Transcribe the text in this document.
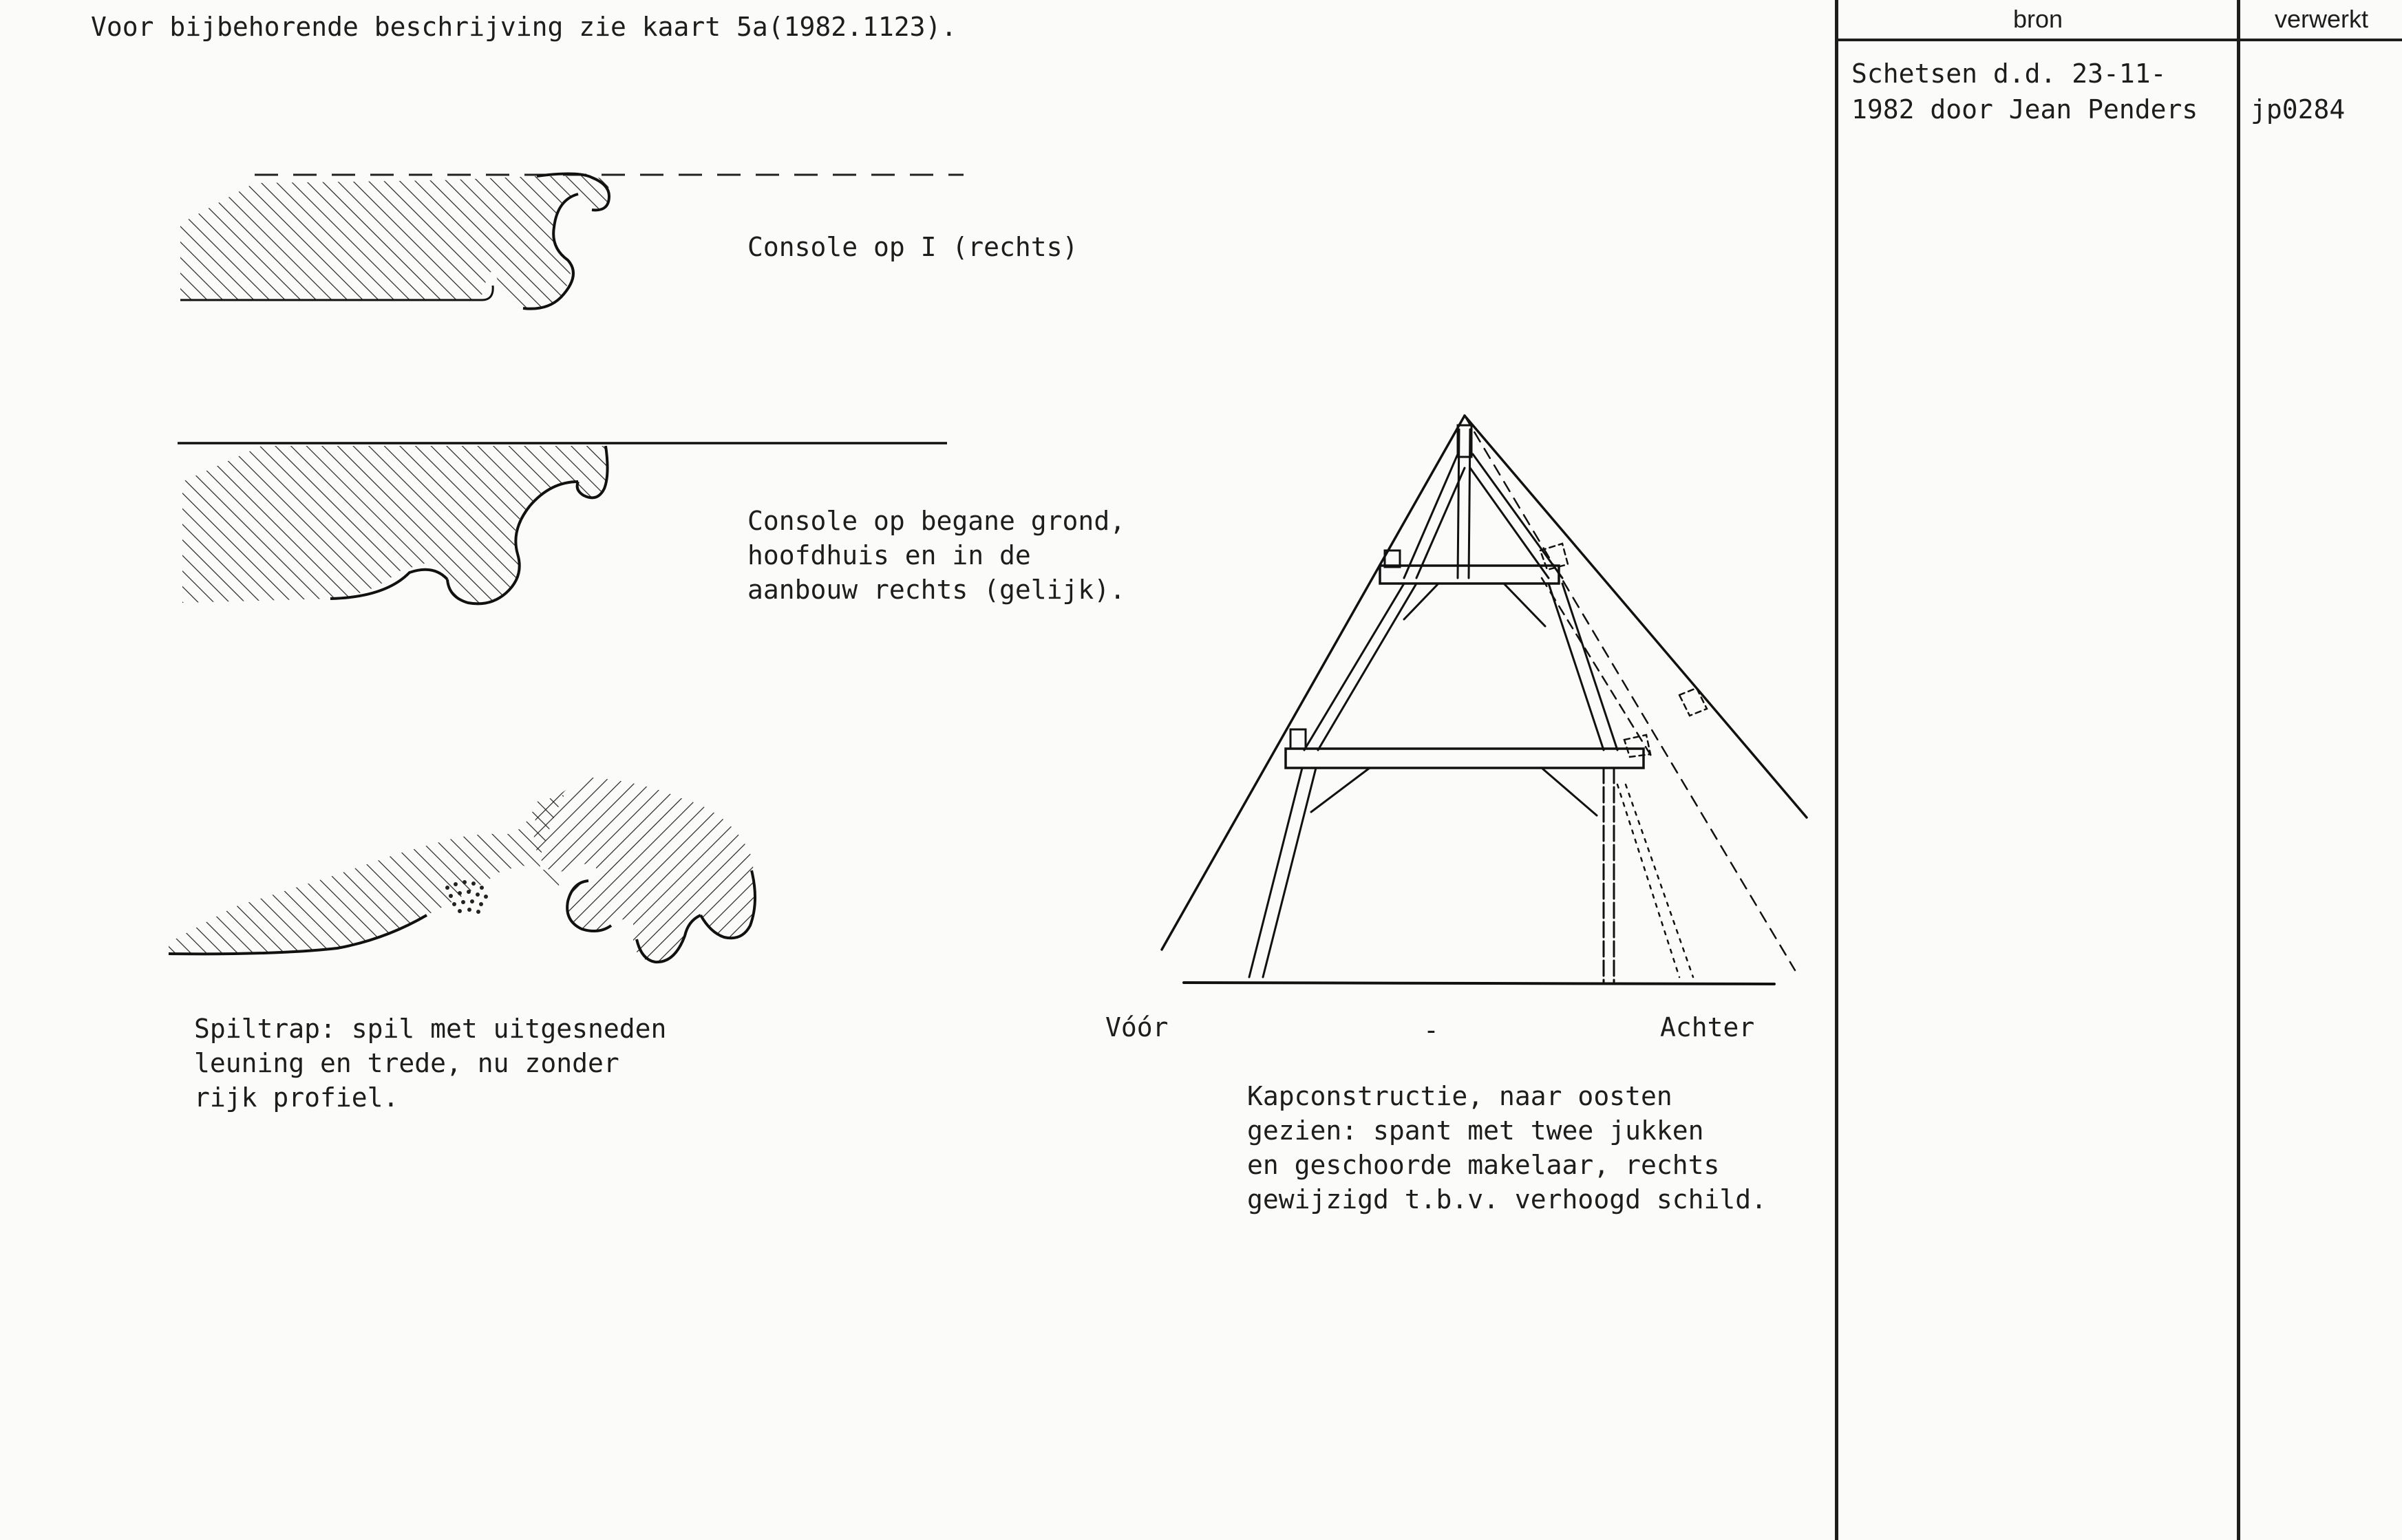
Voor bijbehorende beschrijving zie kaart 5a(1982.1123).	bron	verwerkt
Schetsen d.d. 23-11-
1982 door Jean Penders jp0284
Console op I (rechts)
Console op begane grond,
hoofdhuis en in de
aanbouw rechts (gelijk).
Spiltrap: spil met uitgesneden
leuning en trede, nu zonder
rijk profiel.
Vóór	-	Achter
Kapconstructie, naar oosten
gezien: spant met twee jukken
en geschoorde makelaar, rechts
gewijzigd t.b.v. verhoogd schild.
